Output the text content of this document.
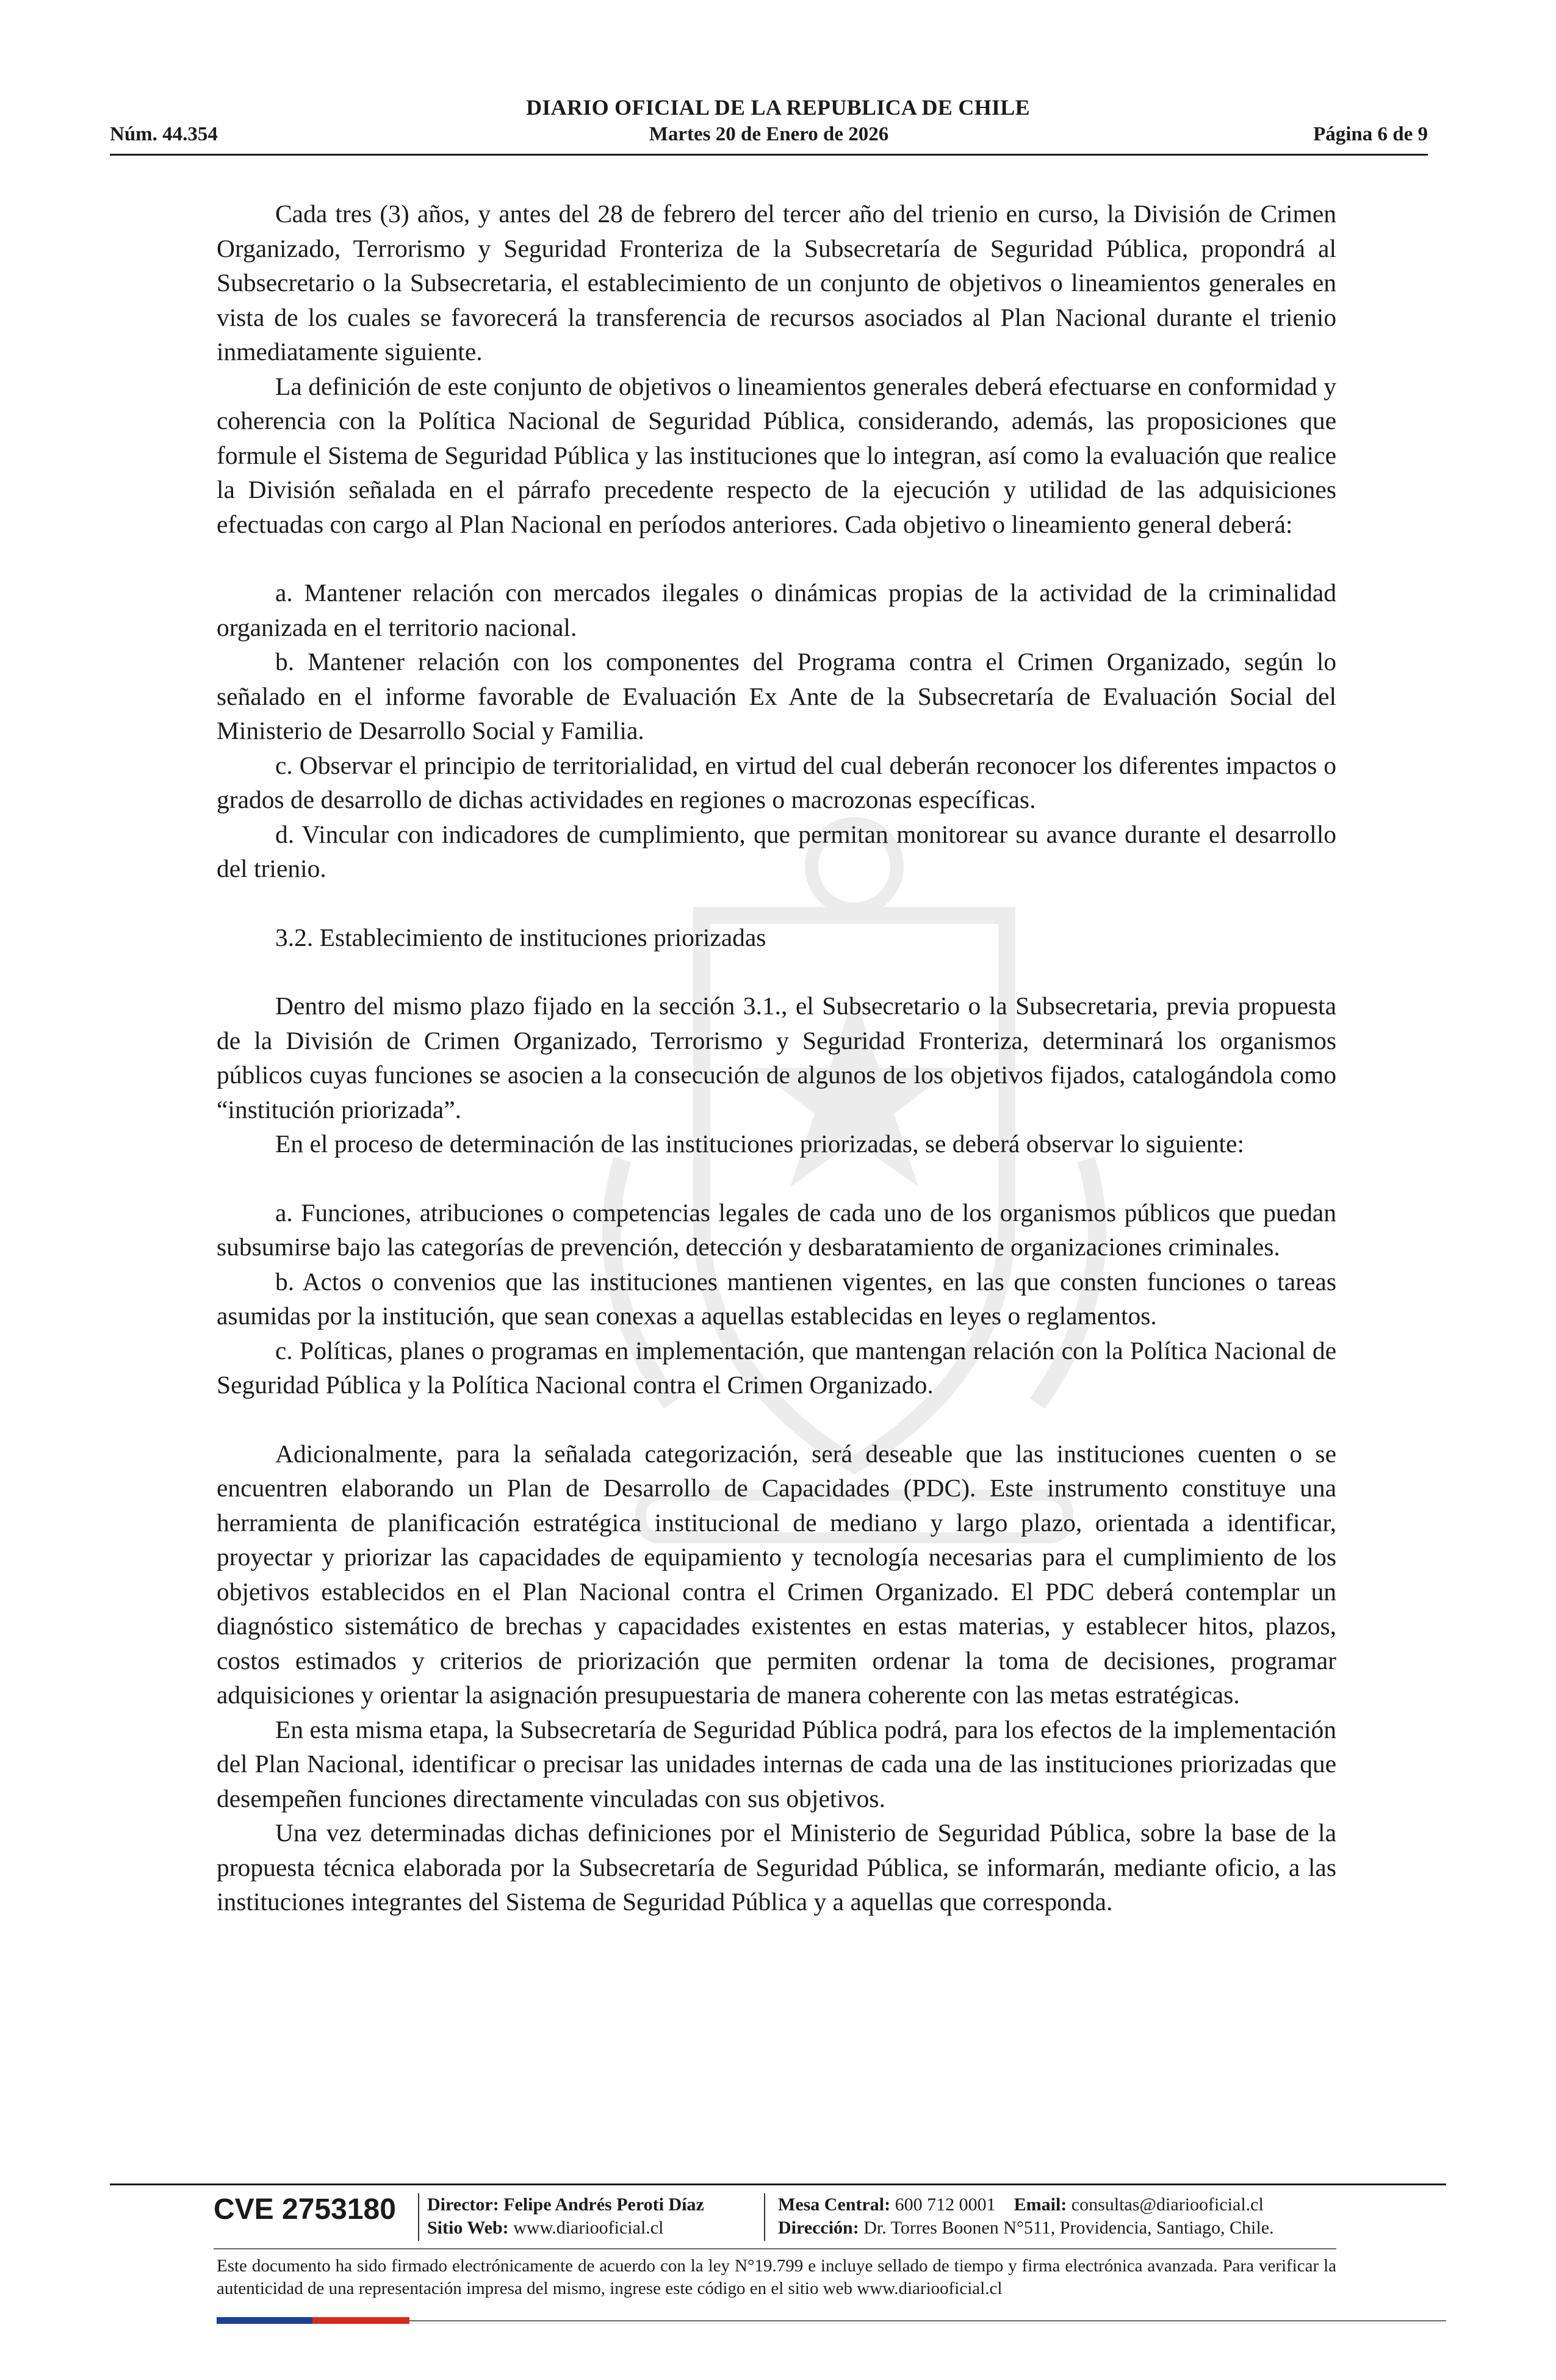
DIARIO OFICIAL DE LA REPUBLICA DE CHILE
Martes 20 de Enero de 2026
Núm. 44.354	Página 6 de 9

Cada tres (3) años, y antes del 28 de febrero del tercer año del trienio en curso, la División de Crimen Organizado, Terrorismo y Seguridad Fronteriza de la Subsecretaría de Seguridad Pública, propondrá al Subsecretario o la Subsecretaria, el establecimiento de un conjunto de objetivos o lineamientos generales en vista de los cuales se favorecerá la transferencia de recursos asociados al Plan Nacional durante el trienio inmediatamente siguiente.

La definición de este conjunto de objetivos o lineamientos generales deberá efectuarse en conformidad y coherencia con la Política Nacional de Seguridad Pública, considerando, además, las proposiciones que formule el Sistema de Seguridad Pública y las instituciones que lo integran, así como la evaluación que realice la División señalada en el párrafo precedente respecto de la ejecución y utilidad de las adquisiciones efectuadas con cargo al Plan Nacional en períodos anteriores. Cada objetivo o lineamiento general deberá:

a. Mantener relación con mercados ilegales o dinámicas propias de la actividad de la criminalidad organizada en el territorio nacional.

b. Mantener relación con los componentes del Programa contra el Crimen Organizado, según lo señalado en el informe favorable de Evaluación Ex Ante de la Subsecretaría de Evaluación Social del Ministerio de Desarrollo Social y Familia.

c. Observar el principio de territorialidad, en virtud del cual deberán reconocer los diferentes impactos o grados de desarrollo de dichas actividades en regiones o macrozonas específicas.

d. Vincular con indicadores de cumplimiento, que permitan monitorear su avance durante el desarrollo del trienio.

3.2. Establecimiento de instituciones priorizadas

Dentro del mismo plazo fijado en la sección 3.1., el Subsecretario o la Subsecretaria, previa propuesta de la División de Crimen Organizado, Terrorismo y Seguridad Fronteriza, determinará los organismos públicos cuyas funciones se asocien a la consecución de algunos de los objetivos fijados, catalogándola como “institución priorizada”.

En el proceso de determinación de las instituciones priorizadas, se deberá observar lo siguiente:

a. Funciones, atribuciones o competencias legales de cada uno de los organismos públicos que puedan subsumirse bajo las categorías de prevención, detección y desbaratamiento de organizaciones criminales.

b. Actos o convenios que las instituciones mantienen vigentes, en las que consten funciones o tareas asumidas por la institución, que sean conexas a aquellas establecidas en leyes o reglamentos.

c. Políticas, planes o programas en implementación, que mantengan relación con la Política Nacional de Seguridad Pública y la Política Nacional contra el Crimen Organizado.

Adicionalmente, para la señalada categorización, será deseable que las instituciones cuenten o se encuentren elaborando un Plan de Desarrollo de Capacidades (PDC). Este instrumento constituye una herramienta de planificación estratégica institucional de mediano y largo plazo, orientada a identificar, proyectar y priorizar las capacidades de equipamiento y tecnología necesarias para el cumplimiento de los objetivos establecidos en el Plan Nacional contra el Crimen Organizado. El PDC deberá contemplar un diagnóstico sistemático de brechas y capacidades existentes en estas materias, y establecer hitos, plazos, costos estimados y criterios de priorización que permiten ordenar la toma de decisiones, programar adquisiciones y orientar la asignación presupuestaria de manera coherente con las metas estratégicas.

En esta misma etapa, la Subsecretaría de Seguridad Pública podrá, para los efectos de la implementación del Plan Nacional, identificar o precisar las unidades internas de cada una de las instituciones priorizadas que desempeñen funciones directamente vinculadas con sus objetivos.

Una vez determinadas dichas definiciones por el Ministerio de Seguridad Pública, sobre la base de la propuesta técnica elaborada por la Subsecretaría de Seguridad Pública, se informarán, mediante oficio, a las instituciones integrantes del Sistema de Seguridad Pública y a aquellas que corresponda.

CVE 2753180	Director: Felipe Andrés Peroti Díaz
Sitio Web: www.diariooficial.cl
Mesa Central: 600 712 0001 Email: consultas@diariooficial.cl
Dirección: Dr. Torres Boonen N°511, Providencia, Santiago, Chile.
Este documento ha sido firmado electrónicamente de acuerdo con la ley N°19.799 e incluye sellado de tiempo y firma electrónica avanzada. Para verificar la autenticidad de una representación impresa del mismo, ingrese este código en el sitio web www.diariooficial.cl
